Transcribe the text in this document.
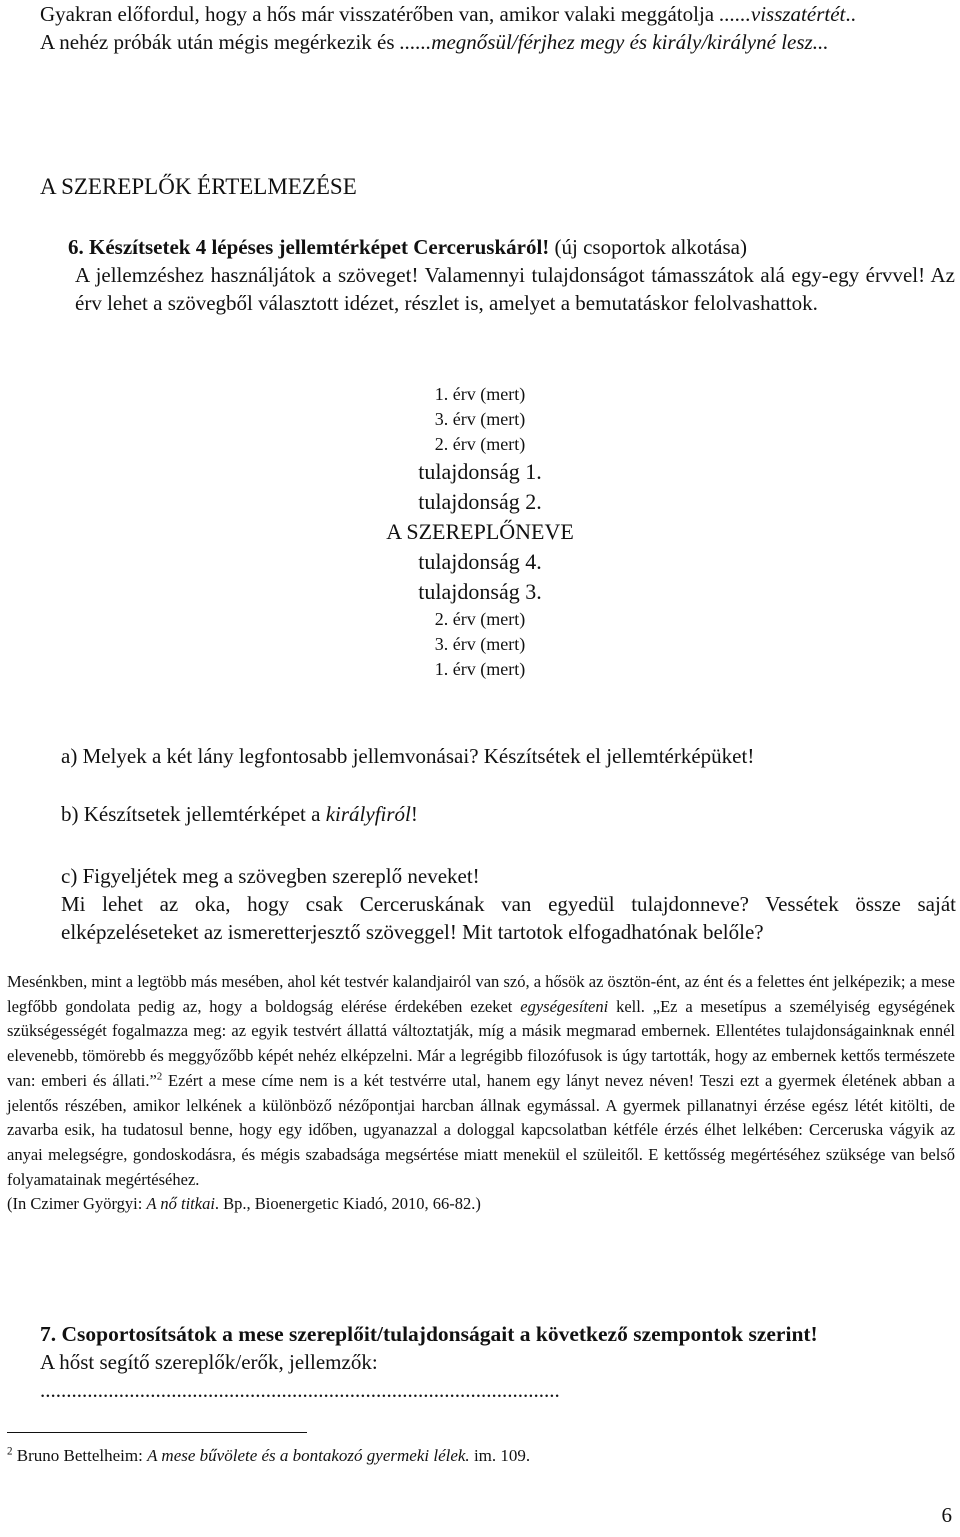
Gyakran előfordul, hogy a hős már visszatérőben van, amikor valaki meggátolja ......visszatértét..

A nehéz próbák után mégis megérkezik és ......megnősül/férjhez megy és király/királyné lesz...

A SZEREPLŐK ÉRTELMEZÉSE

6. Készítsetek 4 lépéses jellemtérképet Cerceruskáról! (új csoportok alkotása)

A jellemzéshez használjátok a szöveget! Valamennyi tulajdonságot támasszátok alá egy-egy érvvel! Az érv lehet a szövegből választott idézet, részlet is, amelyet a bemutatáskor felolvashattok.

1. érv (mert)

3. érv (mert)

2. érv (mert)

tulajdonság 1.

tulajdonság 2.

A SZEREPLŐNEVE

tulajdonság 4.

tulajdonság 3.

2. érv (mert)

3. érv (mert)

1. érv (mert)

a) Melyek a két lány legfontosabb jellemvonásai? Készítsétek el jellemtérképüket!

b) Készítsetek jellemtérképet a királyfiról!

c) Figyeljétek meg a szövegben szereplő neveket!

Mi lehet az oka, hogy csak Cerceruskának van egyedül tulajdonneve? Vessétek össze saját elképzeléseteket az ismeretterjesztő szöveggel! Mit tartotok elfogadhatónak belőle?

Mesénkben, mint a legtöbb más mesében, ahol két testvér kalandjairól van szó, a hősök az ösztön-ént, az ént és a felettes ént jelképezik; a mese legfőbb gondolata pedig az, hogy a boldogság elérése érdekében ezeket egységesíteni kell. „Ez a mesetípus a személyiség egységének szükségességét fogalmazza meg: az egyik testvért állattá változtatják, míg a másik megmarad embernek. Ellentétes tulajdonságainknak ennél elevenebb, tömörebb és meggyőzőbb képét nehéz elképzelni. Már a legrégibb filozófusok is úgy tartották, hogy az embernek kettős természete van: emberi és állati.”$^2$ Ezért a mese címe nem is a két testvérre utal, hanem egy lányt nevez néven! Teszi ezt a gyermek életének abban a jelentős részében, amikor lelkének a különböző nézőpontjai harcban állnak egymással. A gyermek pillanatnyi érzése egész létét kitölti, de zavarba esik, ha tudatosul benne, hogy egy időben, ugyanazzal a dologgal kapcsolatban kétféle érzés élhet lelkében: Cerceruska vágyik az anyai melegségre, gondoskodásra, és mégis szabadsága megsértése miatt menekül el szüleitől. E kettősség megértéséhez szüksége van belső folyamatainak megértéséhez.

(In Czimer Györgyi: A nő titkai. Bp., Bioenergetic Kiadó, 2010, 66-82.)

7. Csoportosítsátok a mese szereplőit/tulajdonságait a következő szempontok szerint!

A hőst segítő szereplők/erők, jellemzők:

...................................................................................................

$^2$ Bruno Bettelheim: A mese bűvölete és a bontakozó gyermeki lélek. im. 109.
6
